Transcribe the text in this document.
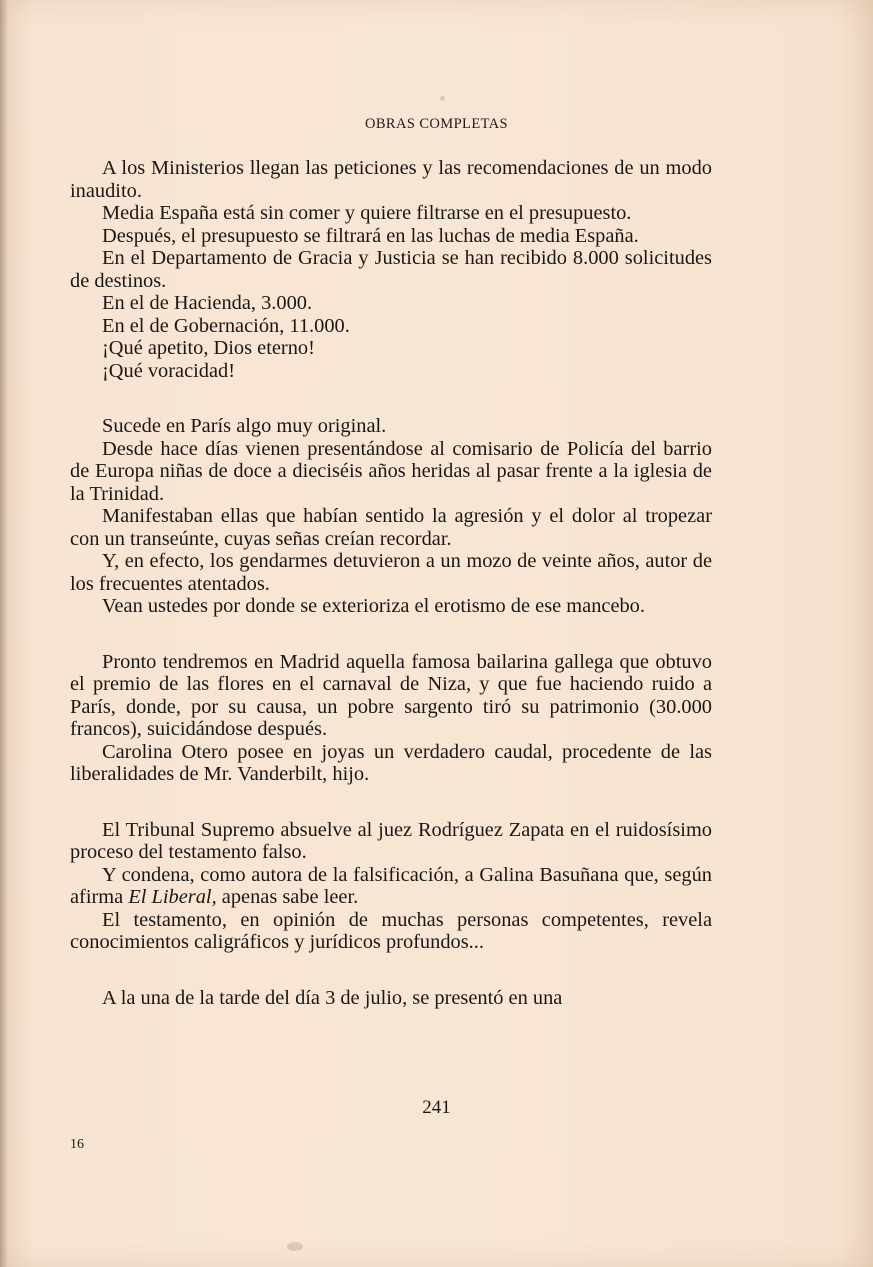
OBRAS COMPLETAS

A los Ministerios llegan las peticiones y las recomendaciones de un modo inaudito.

Media España está sin comer y quiere filtrarse en el presupuesto.

Después, el presupuesto se filtrará en las luchas de media España.

En el Departamento de Gracia y Justicia se han recibido 8.000 solicitudes de destinos.

En el de Hacienda, 3.000.

En el de Gobernación, 11.000.

¡Qué apetito, Dios eterno!

¡Qué voracidad!

Sucede en París algo muy original.

Desde hace días vienen presentándose al comisario de Policía del barrio de Europa niñas de doce a dieciséis años heridas al pasar frente a la iglesia de la Trinidad.

Manifestaban ellas que habían sentido la agresión y el dolor al tropezar con un transeúnte, cuyas señas creían recordar.

Y, en efecto, los gendarmes detuvieron a un mozo de veinte años, autor de los frecuentes atentados.

Vean ustedes por donde se exterioriza el erotismo de ese mancebo.

Pronto tendremos en Madrid aquella famosa bailarina gallega que obtuvo el premio de las flores en el carnaval de Niza, y que fue haciendo ruido a París, donde, por su causa, un pobre sargento tiró su patrimonio (30.000 francos), suicidándose después.

Carolina Otero posee en joyas un verdadero caudal, procedente de las liberalidades de Mr. Vanderbilt, hijo.

El Tribunal Supremo absuelve al juez Rodríguez Zapata en el ruidosísimo proceso del testamento falso.

Y condena, como autora de la falsificación, a Galina Basuñana que, según afirma El Liberal, apenas sabe leer.

El testamento, en opinión de muchas personas competentes, revela conocimientos caligráficos y jurídicos profundos...

A la una de la tarde del día 3 de julio, se presentó en una

241
16
